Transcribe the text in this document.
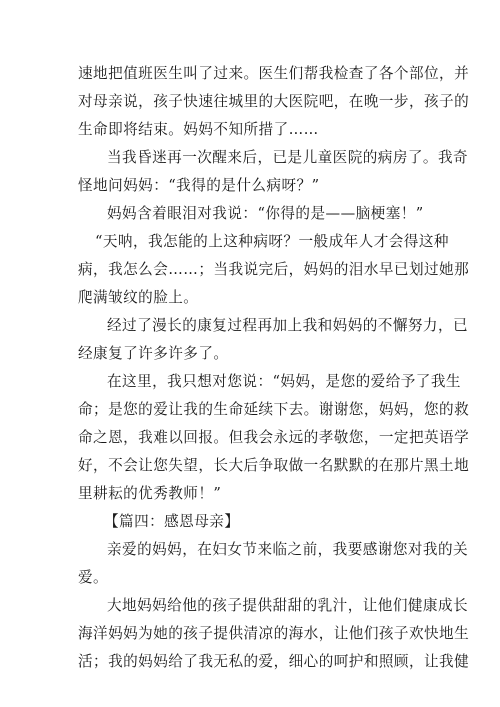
速地把值班医生叫了过来。医生们帮我检查了各个部位，并

对母亲说，孩子快速往城里的大医院吧，在晚一步，孩子的

生命即将结束。妈妈不知所措了……

当我昏迷再一次醒来后，已是儿童医院的病房了。我奇

怪地问妈妈：“我得的是什么病呀？”

妈妈含着眼泪对我说：“你得的是——脑梗塞！”

“天呐，我怎能的上这种病呀？一般成年人才会得这种

病，我怎么会……；当我说完后，妈妈的泪水早已划过她那

爬满皱纹的脸上。

经过了漫长的康复过程再加上我和妈妈的不懈努力，已

经康复了许多许多了。

在这里，我只想对您说：“妈妈，是您的爱给予了我生

命；是您的爱让我的生命延续下去。谢谢您，妈妈，您的救

命之恩，我难以回报。但我会永远的孝敬您，一定把英语学

好，不会让您失望，长大后争取做一名默默的在那片黑土地

里耕耘的优秀教师！”

【篇四：感恩母亲】

亲爱的妈妈，在妇女节来临之前，我要感谢您对我的关

爱。

大地妈妈给他的孩子提供甜甜的乳汁，让他们健康成长

海洋妈妈为她的孩子提供清凉的海水，让他们孩子欢快地生

活；我的妈妈给了我无私的爱，细心的呵护和照顾，让我健
